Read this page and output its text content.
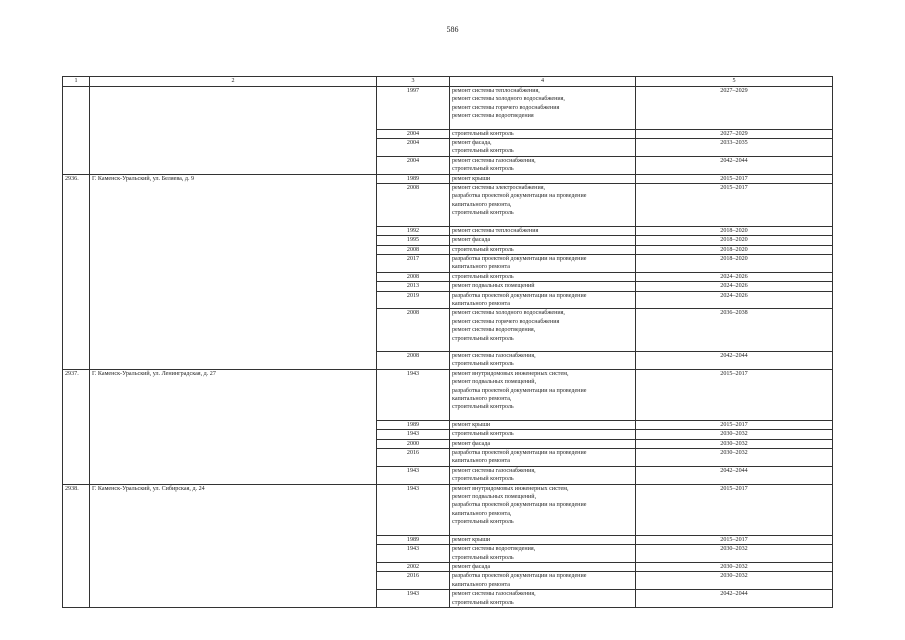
586
1	2	3	4	5
		1997	ремонт системы теплоснабжения,
ремонт системы холодного водоснабжения,
ремонт системы горячего водоснабжения
ремонт системы водоотведения	2027–2029
		2004	строительный контроль	2027–2029
		2004	ремонт фасада,
строительный контроль	2033–2035
		2004	ремонт системы газоснабжения,
строительный контроль	2042–2044
2936.	Г. Каменск-Уральский, ул. Беляева, д. 9	1989	ремонт крыши	2015–2017
		2008	ремонт системы электроснабжения,
разработка проектной документации на проведение
капитального ремонта,
строительный контроль	2015–2017
		1992	ремонт системы теплоснабжения	2018–2020
		1995	ремонт фасада	2018–2020
		2008	строительный контроль	2018–2020
		2017	разработка проектной документации на проведение
капитального ремонта	2018–2020
		2008	строительный контроль	2024–2026
		2013	ремонт подвальных помещений	2024–2026
		2019	разработка проектной документации на проведение
капитального ремонта	2024–2026
		2008	ремонт системы холодного водоснабжения,
ремонт системы горячего водоснабжения
ремонт системы водоотведения,
строительный контроль	2036–2038
		2008	ремонт системы газоснабжения,
строительный контроль	2042–2044
2937.	Г. Каменск-Уральский, ул. Ленинградская, д. 27	1943	ремонт внутридомовых инженерных систем,
ремонт подвальных помещений,
разработка проектной документации на проведение
капитального ремонта,
строительный контроль	2015–2017
		1989	ремонт крыши	2015–2017
		1943	строительный контроль	2030–2032
		2000	ремонт фасада	2030–2032
		2016	разработка проектной документации на проведение
капитального ремонта	2030–2032
		1943	ремонт системы газоснабжения,
строительный контроль	2042–2044
2938.	Г. Каменск-Уральский, ул. Сибирская, д. 24	1943	ремонт внутридомовых инженерных систем,
ремонт подвальных помещений,
разработка проектной документации на проведение
капитального ремонта,
строительный контроль	2015–2017
		1989	ремонт крыши	2015–2017
		1943	ремонт системы водоотведения,
строительный контроль	2030–2032
		2002	ремонт фасада	2030–2032
		2016	разработка проектной документации на проведение
капитального ремонта	2030–2032
		1943	ремонт системы газоснабжения,
строительный контроль	2042–2044
